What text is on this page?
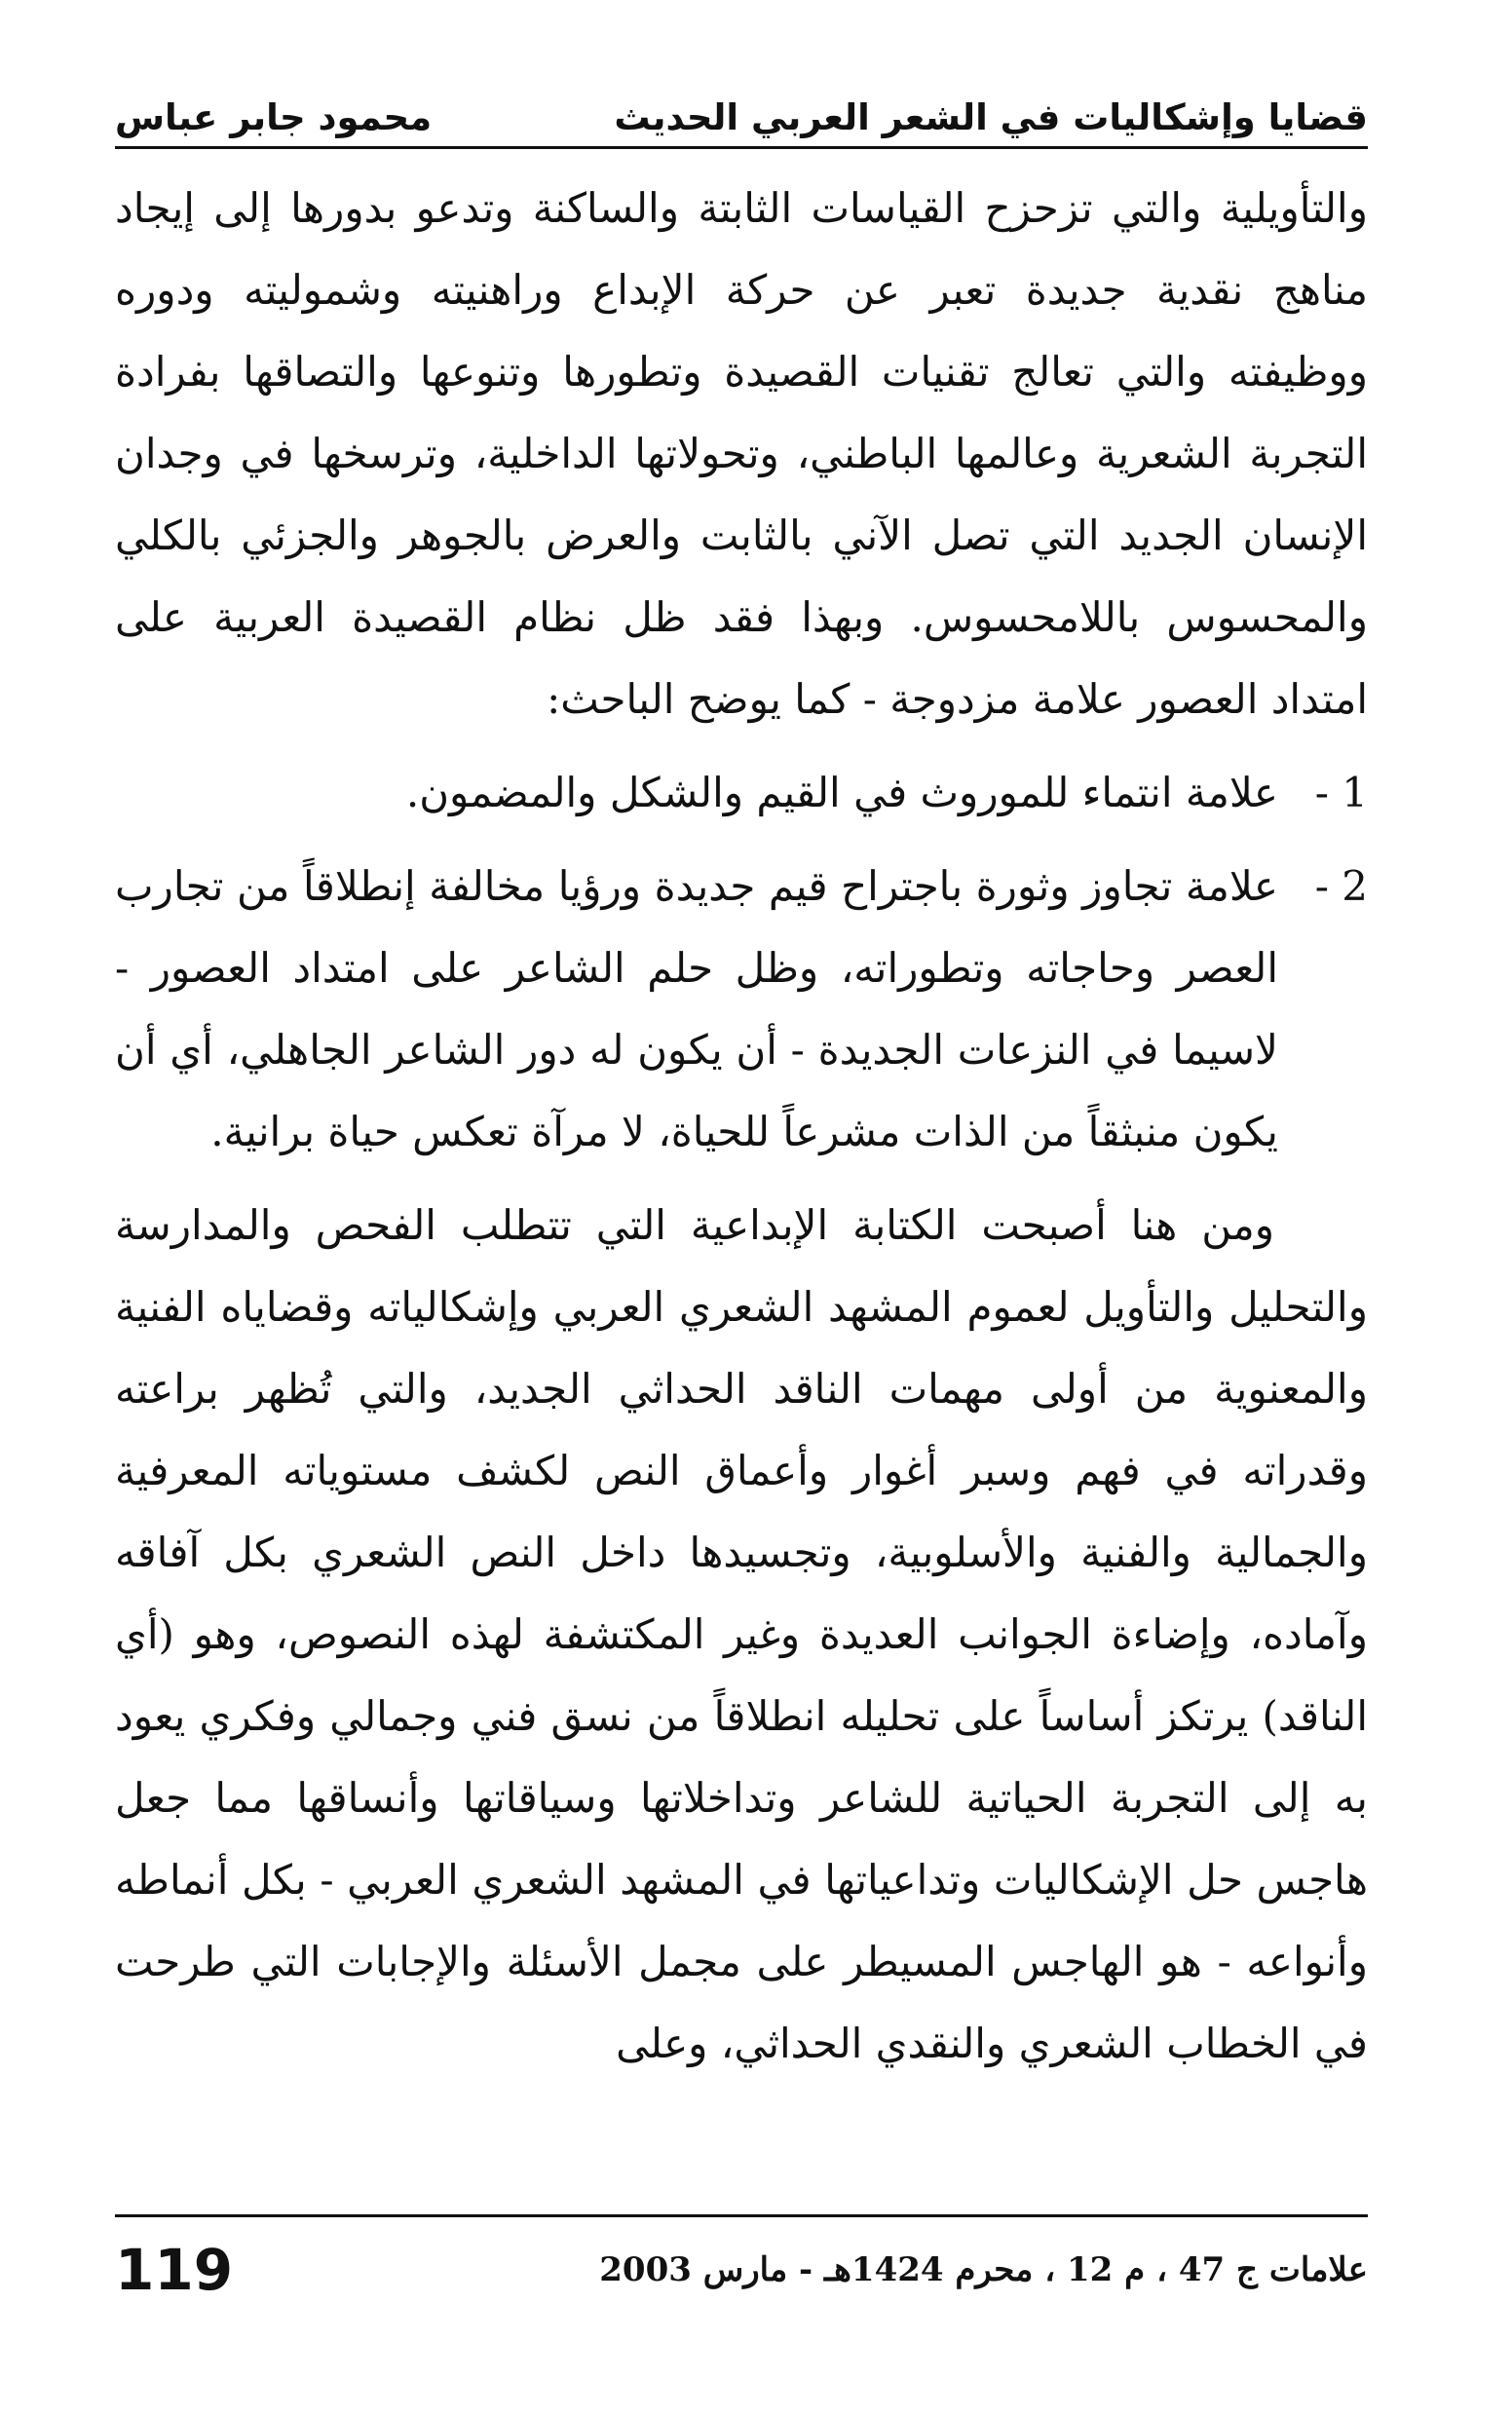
قضايا وإشكاليات في الشعر العربي الحديث
محمود جابر عباس

والتأويلية والتي تزحزح القياسات الثابتة والساكنة وتدعو بدورها إلى إيجاد مناهج نقدية جديدة تعبر عن حركة الإبداع وراهنيته وشموليته ودوره ووظيفته والتي تعالج تقنيات القصيدة وتطورها وتنوعها والتصاقها بفرادة التجربة الشعرية وعالمها الباطني، وتحولاتها الداخلية، وترسخها في وجدان الإنسان الجديد التي تصل الآني بالثابت والعرض بالجوهر والجزئي بالكلي والمحسوس باللامحسوس. وبهذا فقد ظل نظام القصيدة العربية على امتداد العصور علامة مزدوجة - كما يوضح الباحث:

1 -
علامة انتماء للموروث في القيم والشكل والمضمون.
2 -
علامة تجاوز وثورة باجتراح قيم جديدة ورؤيا مخالفة إنطلاقاً من تجارب العصر وحاجاته وتطوراته، وظل حلم الشاعر على امتداد العصور - لاسيما في النزعات الجديدة - أن يكون له دور الشاعر الجاهلي، أي أن يكون منبثقاً من الذات مشرعاً للحياة، لا مرآة تعكس حياة برانية.

ومن هنا أصبحت الكتابة الإبداعية التي تتطلب الفحص والمدارسة والتحليل والتأويل لعموم المشهد الشعري العربي وإشكالياته وقضاياه الفنية والمعنوية من أولى مهمات الناقد الحداثي الجديد، والتي تُظهر براعته وقدراته في فهم وسبر أغوار وأعماق النص لكشف مستوياته المعرفية والجمالية والفنية والأسلوبية، وتجسيدها داخل النص الشعري بكل آفاقه وآماده، وإضاءة الجوانب العديدة وغير المكتشفة لهذه النصوص، وهو (أي الناقد) يرتكز أساساً على تحليله انطلاقاً من نسق فني وجمالي وفكري يعود به إلى التجربة الحياتية للشاعر وتداخلاتها وسياقاتها وأنساقها مما جعل هاجس حل الإشكاليات وتداعياتها في المشهد الشعري العربي - بكل أنماطه وأنواعه - هو الهاجس المسيطر على مجمل الأسئلة والإجابات التي طرحت في الخطاب الشعري والنقدي الحداثي، وعلى

علامات ج 47 ، م 12 ، محرم 1424هـ - مارس 2003
119
